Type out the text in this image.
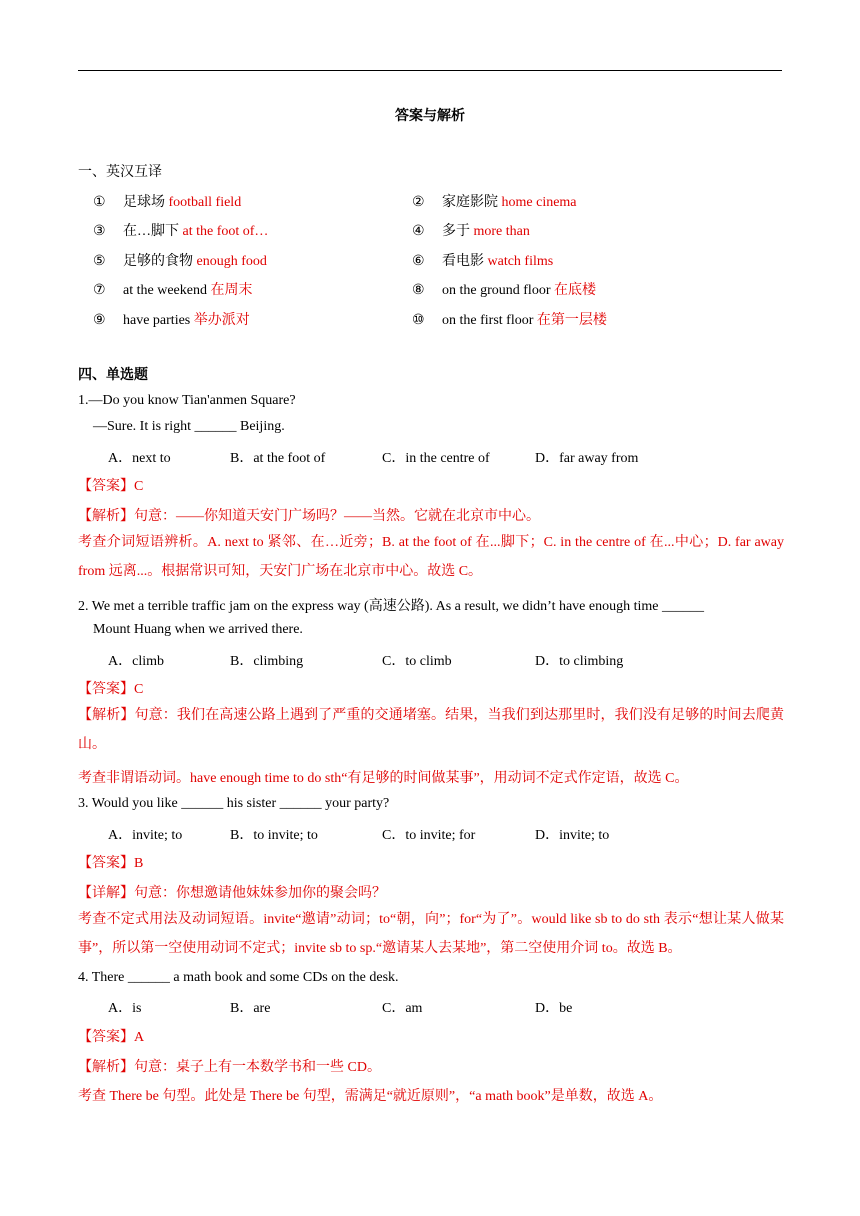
答案与解析
一、英汉互译
① 足球场 football field	② 家庭影院 home cinema
③ 在…脚下 at the foot of…	④ 多于 more than
⑤ 足够的食物 enough food	⑥ 看电影 watch films
⑦ at the weekend 在周末	⑧ on the ground floor 在底楼
⑨ have parties 举办派对	⑩ on the first floor 在第一层楼
四、单选题
1.—Do you know Tian'anmen Square?
—Sure. It is right ______ Beijing.
A．next to	B．at the foot of	C．in the centre of	D．far away from
【答案】C
【解析】句意：——你知道天安门广场吗？——当然。它就在北京市中心。
考查介词短语辨析。A. next to 紧邻、在…近旁；B. at the foot of 在...脚下；C. in the centre of 在...中心；D. far away from 远离...。根据常识可知，天安门广场在北京市中心。故选 C。
2. We met a terrible traffic jam on the express way (高速公路). As a result, we didn’t have enough time ______
Mount Huang when we arrived there.
A．climb	B．climbing	C．to climb	D．to climbing
【答案】C
【解析】句意：我们在高速公路上遇到了严重的交通堵塞。结果，当我们到达那里时，我们没有足够的时间去爬黄山。
考查非谓语动词。have enough time to do sth“有足够的时间做某事”，用动词不定式作定语，故选 C。
3. Would you like ______ his sister ______ your party?
A．invite; to	B．to invite; to	C．to invite; for	D．invite; to
【答案】B
【详解】句意：你想邀请他妹妹参加你的聚会吗？
考查不定式用法及动词短语。invite“邀请”动词；to“朝，向”；for“为了”。would like sb to do sth 表示“想让某人做某事”，所以第一空使用动词不定式；invite sb to sp.“邀请某人去某地”，第二空使用介词 to。故选 B。
4. There ______ a math book and some CDs on the desk.
A．is	B．are	C．am	D．be
【答案】A
【解析】句意：桌子上有一本数学书和一些 CD。
考查 There be 句型。此处是 There be 句型，需满足“就近原则”，“a math book”是单数，故选 A。
